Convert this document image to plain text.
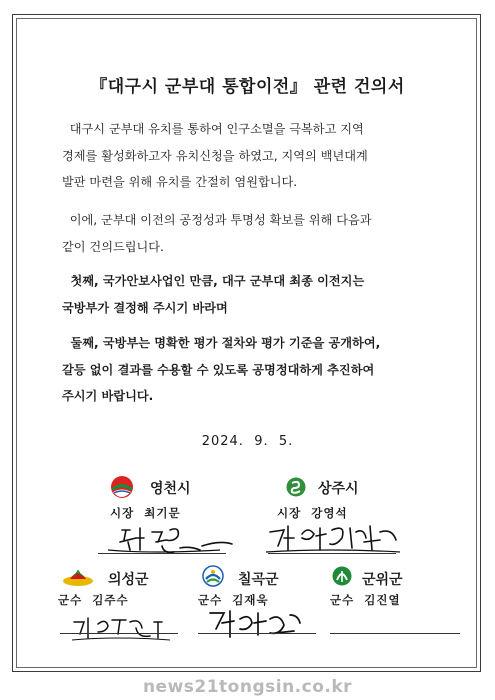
『대구시 군부대 통합이전』 관련 건의서
대구시 군부대 유치를 통하여 인구소멸을 극복하고 지역
경제를 활성화하고자 유치신청을 하였고, 지역의 백년대계
발판 마련을 위해 유치를 간절히 염원합니다.
이에, 군부대 이전의 공정성과 투명성 확보를 위해 다음과
같이 건의드립니다.
첫째, 국가안보사업인 만큼, 대구 군부대 최종 이전지는
국방부가 결정해 주시기 바라며
둘째, 국방부는 명확한 평가 절차와 평가 기준을 공개하여,
갈등 없이 결과를 수용할 수 있도록 공명정대하게 추진하여
주시기 바랍니다.
2024.  9.  5.
영천시
시장  최기문
상주시
시장  강영석
의성군
군수  김주수
칠곡군
군수  김재욱
군위군
군수  김진열
news21tongsin.co.kr
